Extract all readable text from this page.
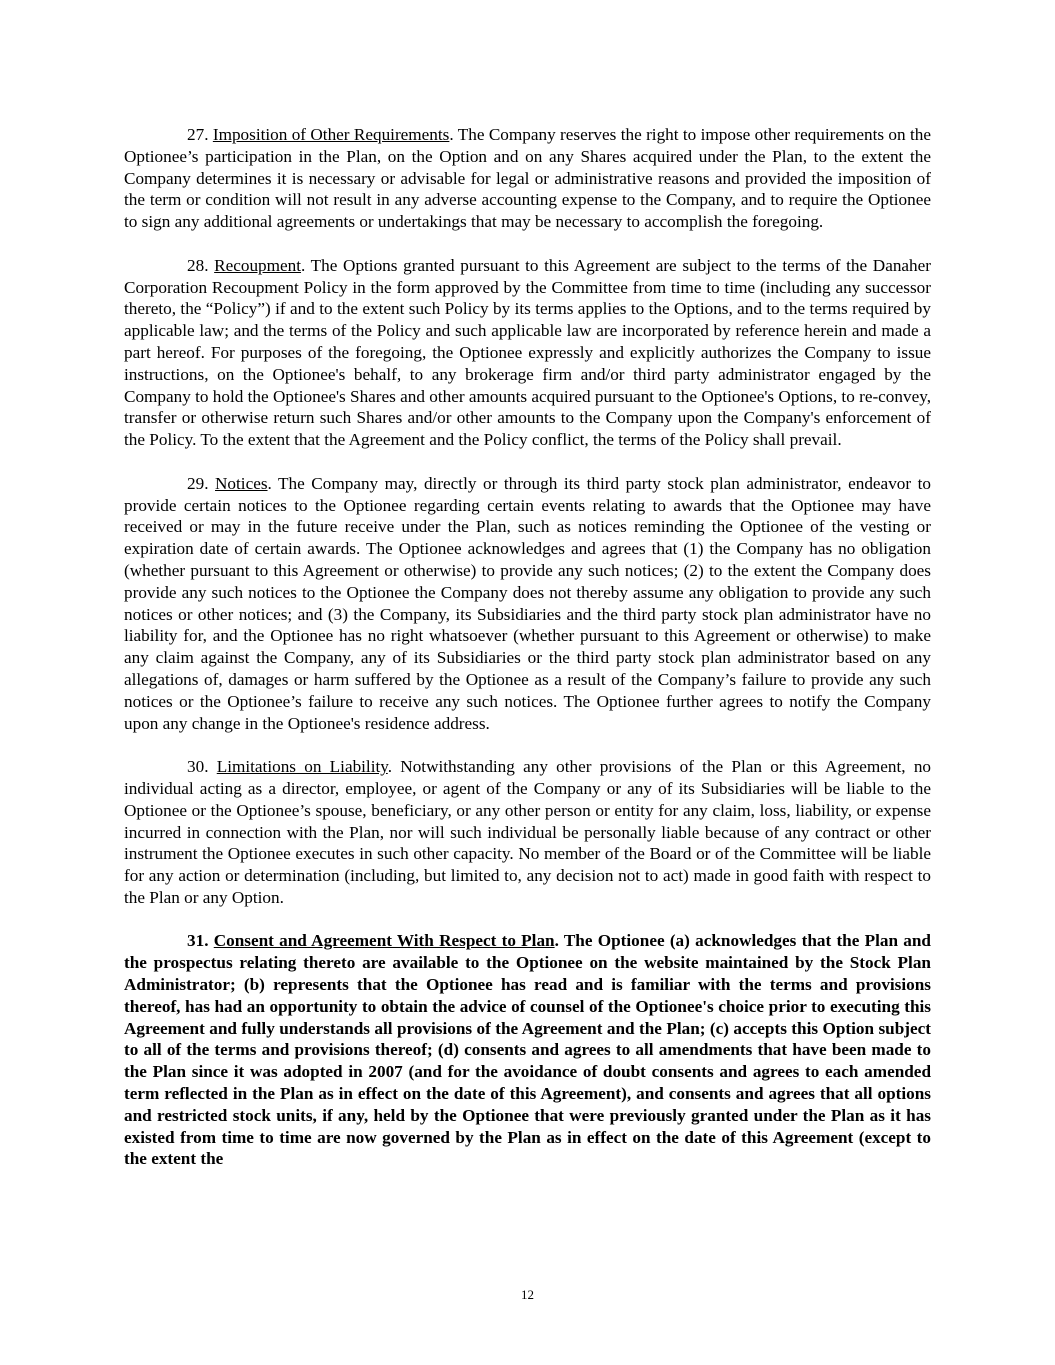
27. Imposition of Other Requirements. The Company reserves the right to impose other requirements on the Optionee’s participation in the Plan, on the Option and on any Shares acquired under the Plan, to the extent the Company determines it is necessary or advisable for legal or administrative reasons and provided the imposition of the term or condition will not result in any adverse accounting expense to the Company, and to require the Optionee to sign any additional agreements or undertakings that may be necessary to accomplish the foregoing.

28. Recoupment. The Options granted pursuant to this Agreement are subject to the terms of the Danaher Corporation Recoupment Policy in the form approved by the Committee from time to time (including any successor thereto, the “Policy”) if and to the extent such Policy by its terms applies to the Options, and to the terms required by applicable law; and the terms of the Policy and such applicable law are incorporated by reference herein and made a part hereof. For purposes of the foregoing, the Optionee expressly and explicitly authorizes the Company to issue instructions, on the Optionee's behalf, to any brokerage firm and/or third party administrator engaged by the Company to hold the Optionee's Shares and other amounts acquired pursuant to the Optionee's Options, to re-convey, transfer or otherwise return such Shares and/or other amounts to the Company upon the Company's enforcement of the Policy. To the extent that the Agreement and the Policy conflict, the terms of the Policy shall prevail.

29. Notices. The Company may, directly or through its third party stock plan administrator, endeavor to provide certain notices to the Optionee regarding certain events relating to awards that the Optionee may have received or may in the future receive under the Plan, such as notices reminding the Optionee of the vesting or expiration date of certain awards. The Optionee acknowledges and agrees that (1) the Company has no obligation (whether pursuant to this Agreement or otherwise) to provide any such notices; (2) to the extent the Company does provide any such notices to the Optionee the Company does not thereby assume any obligation to provide any such notices or other notices; and (3) the Company, its Subsidiaries and the third party stock plan administrator have no liability for, and the Optionee has no right whatsoever (whether pursuant to this Agreement or otherwise) to make any claim against the Company, any of its Subsidiaries or the third party stock plan administrator based on any allegations of, damages or harm suffered by the Optionee as a result of the Company’s failure to provide any such notices or the Optionee’s failure to receive any such notices. The Optionee further agrees to notify the Company upon any change in the Optionee's residence address.

30. Limitations on Liability. Notwithstanding any other provisions of the Plan or this Agreement, no individual acting as a director, employee, or agent of the Company or any of its Subsidiaries will be liable to the Optionee or the Optionee’s spouse, beneficiary, or any other person or entity for any claim, loss, liability, or expense incurred in connection with the Plan, nor will such individual be personally liable because of any contract or other instrument the Optionee executes in such other capacity. No member of the Board or of the Committee will be liable for any action or determination (including, but limited to, any decision not to act) made in good faith with respect to the Plan or any Option.

31. Consent and Agreement With Respect to Plan. The Optionee (a) acknowledges that the Plan and the prospectus relating thereto are available to the Optionee on the website maintained by the Stock Plan Administrator; (b) represents that the Optionee has read and is familiar with the terms and provisions thereof, has had an opportunity to obtain the advice of counsel of the Optionee's choice prior to executing this Agreement and fully understands all provisions of the Agreement and the Plan; (c) accepts this Option subject to all of the terms and provisions thereof; (d) consents and agrees to all amendments that have been made to the Plan since it was adopted in 2007 (and for the avoidance of doubt consents and agrees to each amended term reflected in the Plan as in effect on the date of this Agreement), and consents and agrees that all options and restricted stock units, if any, held by the Optionee that were previously granted under the Plan as it has existed from time to time are now governed by the Plan as in effect on the date of this Agreement (except to the extent the

12
